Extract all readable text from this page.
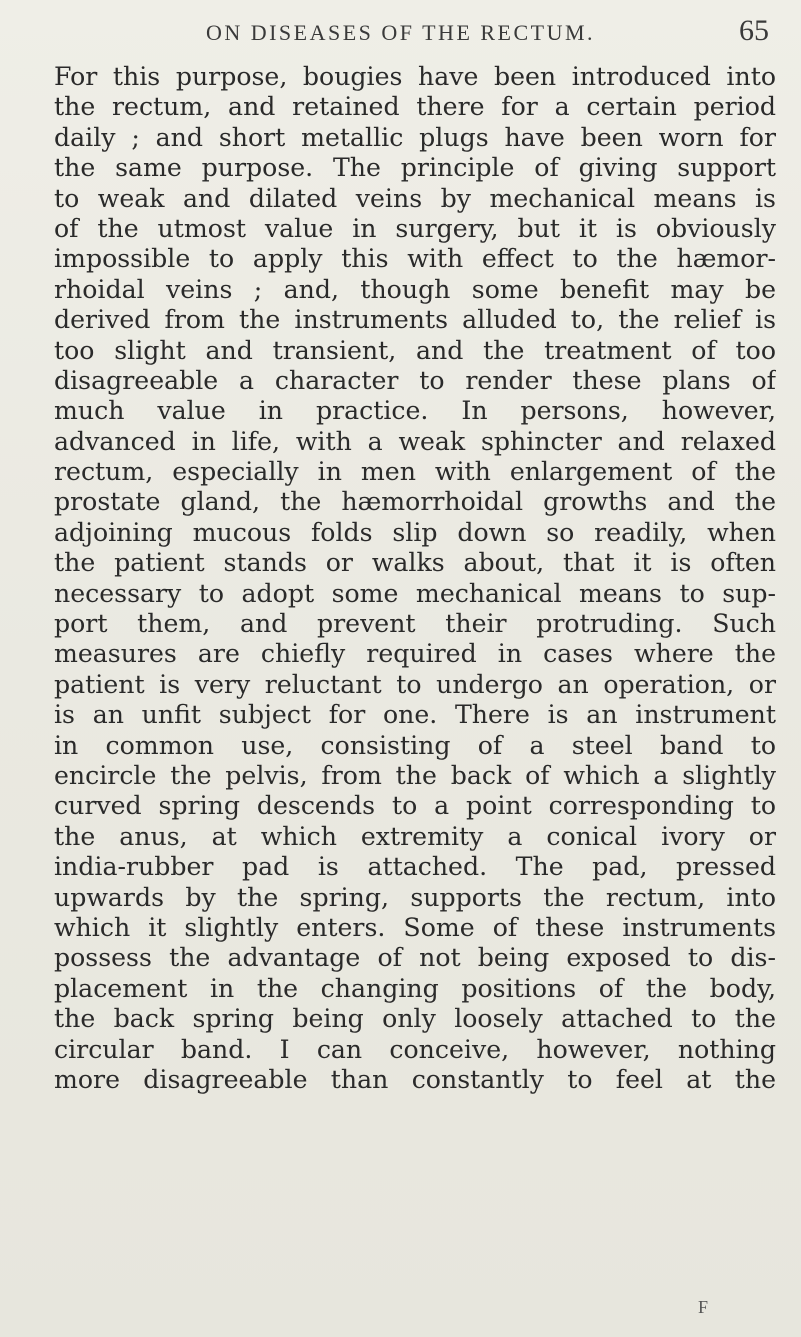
ON DISEASES OF THE RECTUM.	65
For this purpose, bougies have been introduced into
the rectum, and retained there for a certain period
daily ; and short metallic plugs have been worn for
the same purpose. The principle of giving support
to weak and dilated veins by mechanical means is
of the utmost value in surgery, but it is obviously
impossible to apply this with effect to the hæmor-
rhoidal veins ; and, though some benefit may be
derived from the instruments alluded to, the relief is
too slight and transient, and the treatment of too
disagreeable a character to render these plans of
much value in practice. In persons, however,
advanced in life, with a weak sphincter and relaxed
rectum, especially in men with enlargement of the
prostate gland, the hæmorrhoidal growths and the
adjoining mucous folds slip down so readily, when
the patient stands or walks about, that it is often
necessary to adopt some mechanical means to sup-
port them, and prevent their protruding. Such
measures are chiefly required in cases where the
patient is very reluctant to undergo an operation, or
is an unfit subject for one. There is an instrument
in common use, consisting of a steel band to
encircle the pelvis, from the back of which a slightly
curved spring descends to a point corresponding to
the anus, at which extremity a conical ivory or
india-rubber pad is attached. The pad, pressed
upwards by the spring, supports the rectum, into
which it slightly enters. Some of these instruments
possess the advantage of not being exposed to dis-
placement in the changing positions of the body,
the back spring being only loosely attached to the
circular band. I can conceive, however, nothing
more disagreeable than constantly to feel at the
F
